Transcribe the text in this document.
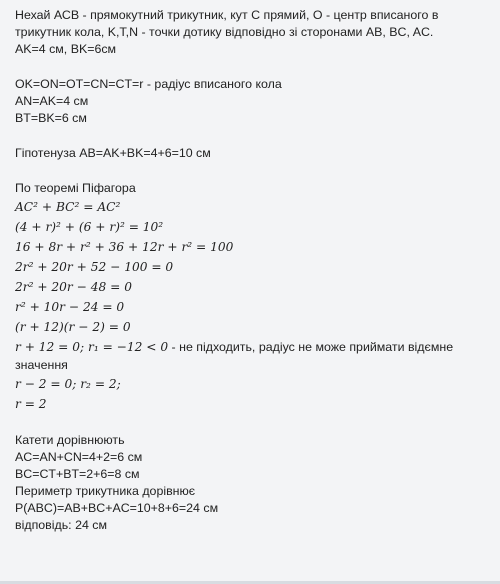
Нехай АСВ - прямокутний трикутник, кут С прямий, О - центр вписаного в
трикутник кола, K,T,N - точки дотику відповідно зі сторонами AB, BC, AC.
AK=4 см, BK=6см
OK=ON=OT=CN=CT=r - радіус вписаного кола
AN=AK=4 см
BT=BK=6 см
Гіпотенуза AB=AK+BK=4+6=10 см
По теоремі Піфагора
AC² + BC² = AC²
(4 + r)² + (6 + r)² = 10²
16 + 8r + r² + 36 + 12r + r² = 100
2r² + 20r + 52 − 100 = 0
2r² + 20r − 48 = 0
r² + 10r − 24 = 0
(r + 12)(r − 2) = 0
r + 12 = 0; r₁ = −12 < 0 - не підходить, радіус не може приймати відємне
значення
r − 2 = 0; r₂ = 2;
r = 2
Катети дорівнюють
AC=AN+CN=4+2=6 см
BC=CT+BT=2+6=8 см
Периметр трикутника дорівнює
P(ABC)=AB+BC+AC=10+8+6=24 см
відповідь: 24 см
